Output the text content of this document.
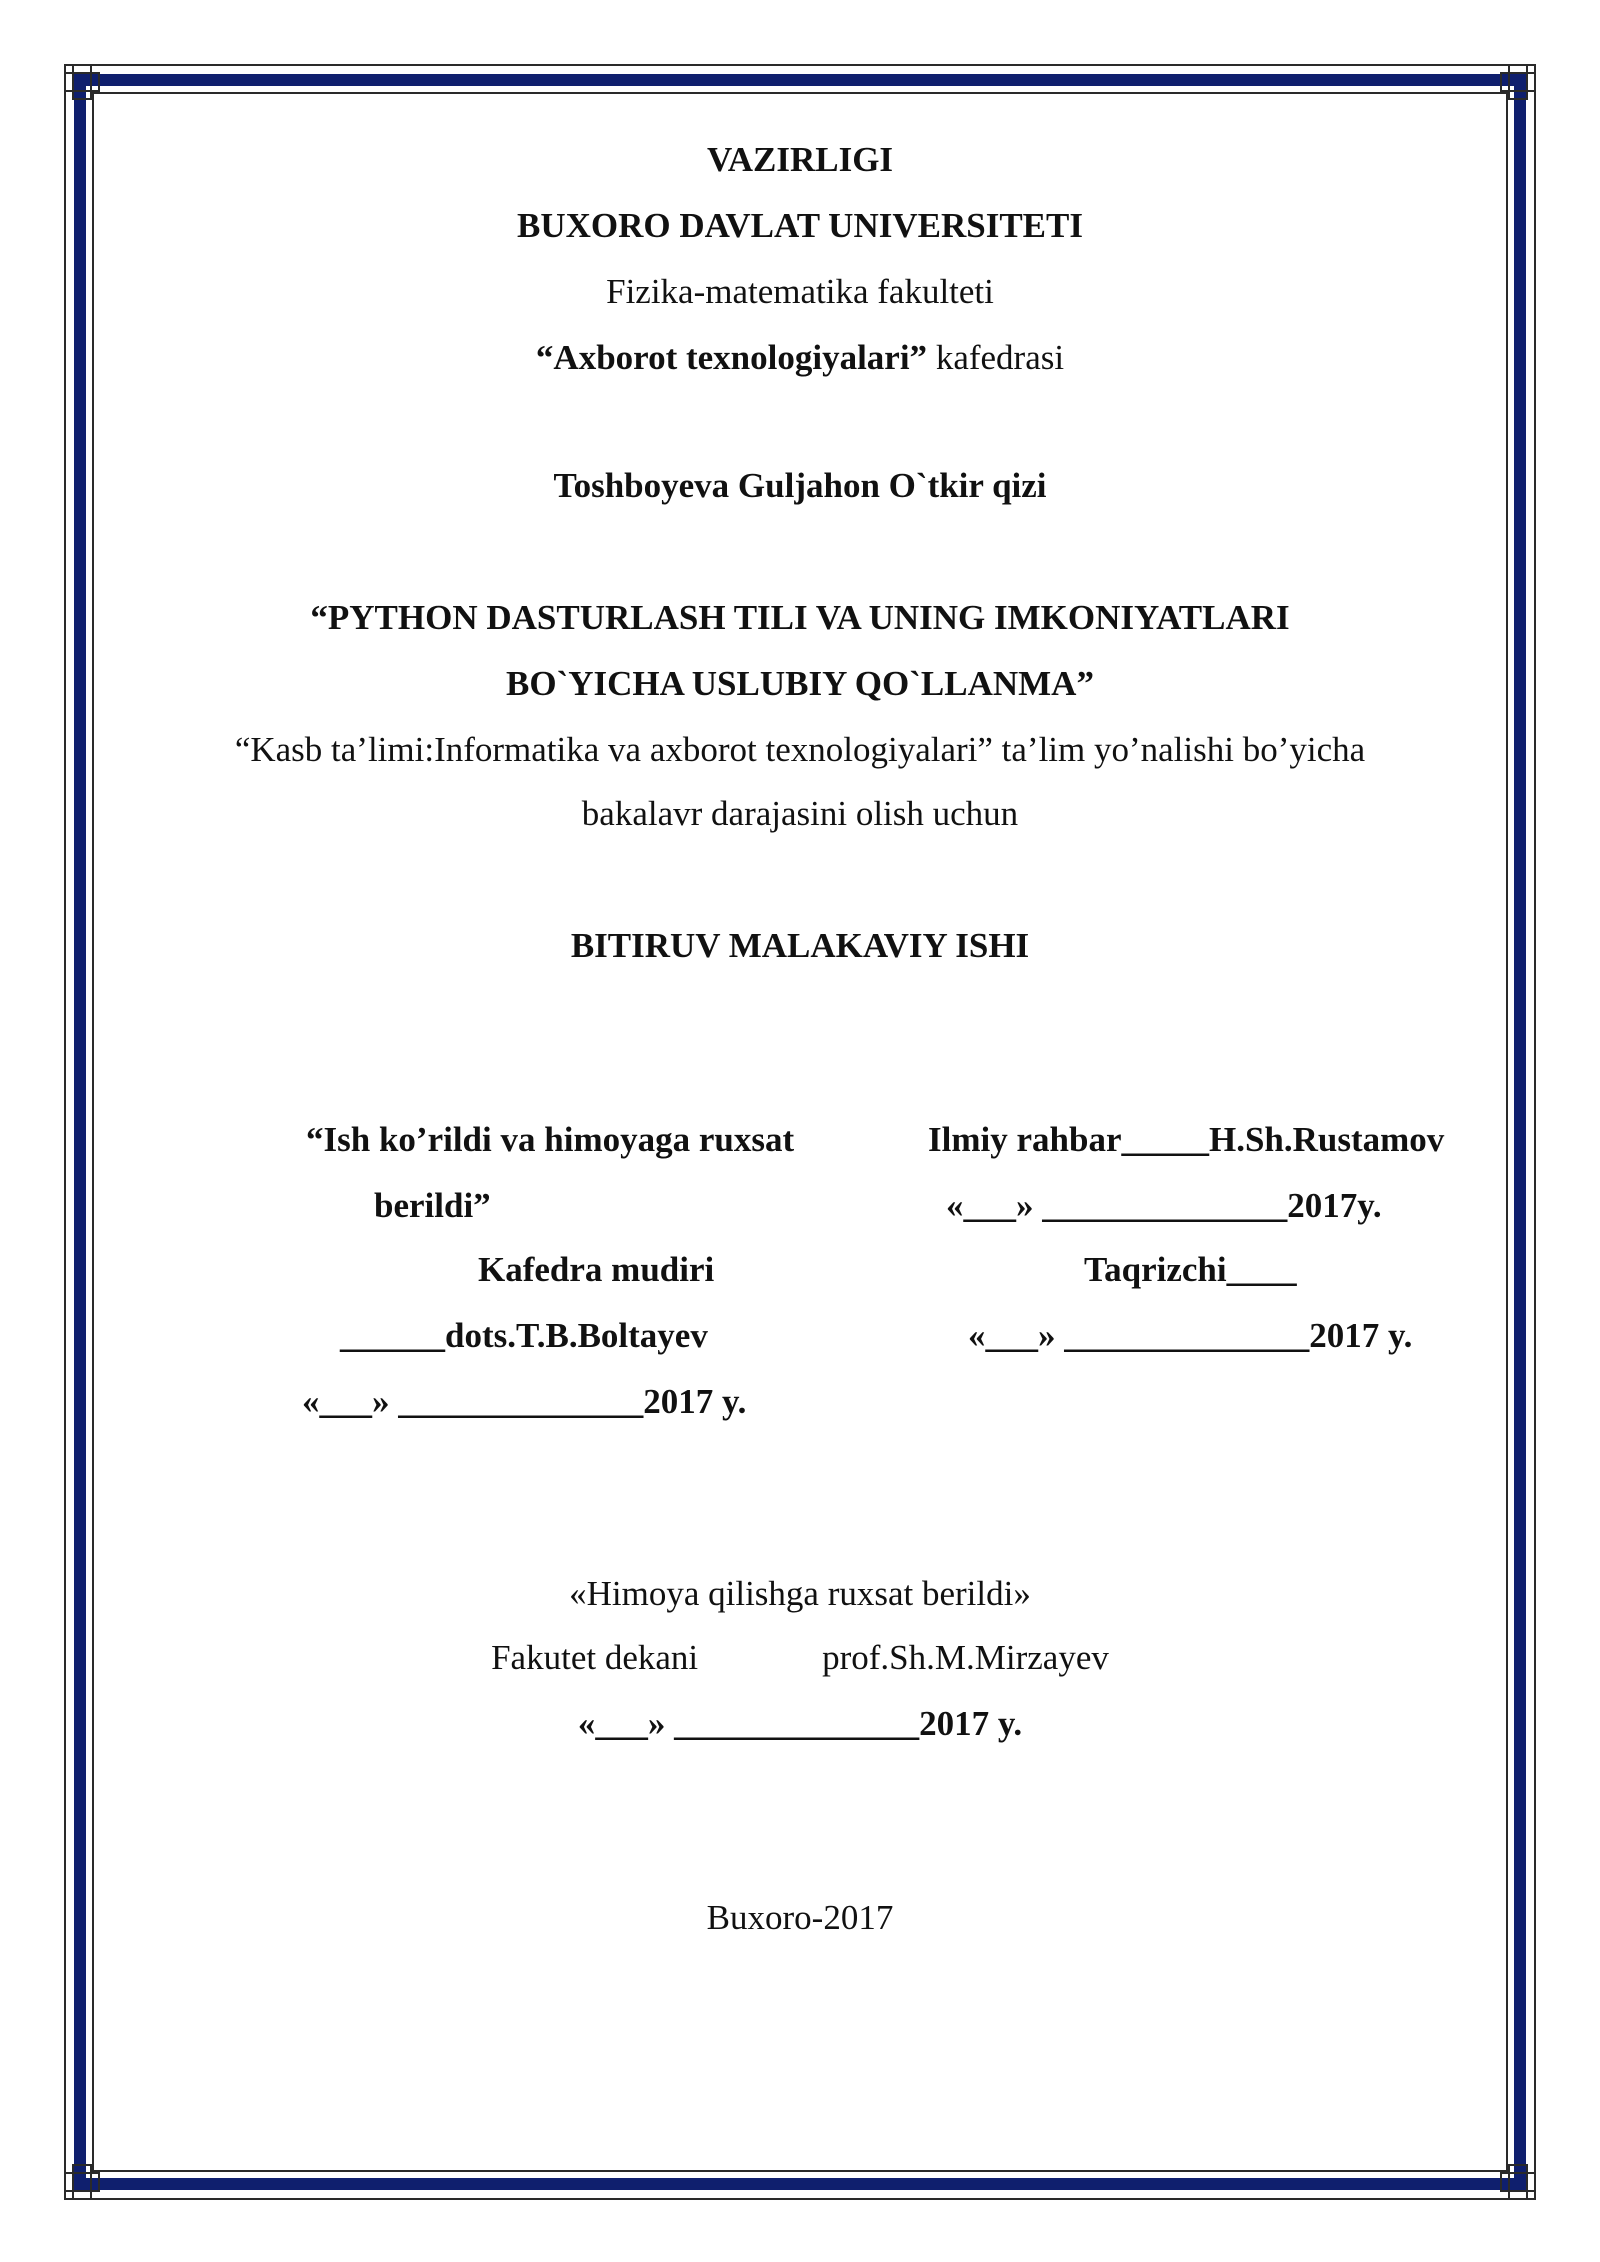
VAZIRLIGI
BUXORO DAVLAT UNIVERSITETI
Fizika-matematika fakulteti
“Axborot texnologiyalari” kafedrasi
Toshboyeva Guljahon O`tkir qizi
“PYTHON DASTURLASH TILI VA UNING IMKONIYATLARI
BO`YICHA USLUBIY QO`LLANMA”
“Kasb ta’limi:Informatika va axborot texnologiyalari” ta’lim yo’nalishi bo’yicha
bakalavr darajasini olish uchun
BITIRUV MALAKAVIY ISHI
“Ish ko’rildi va himoyaga ruxsat
berildi”
Kafedra mudiri
______dots.T.B.Boltayev
«___» ______________2017 y.
Ilmiy rahbar_____H.Sh.Rustamov
«___» ______________2017y.
Taqrizchi____
«___» ______________2017 y.
«Himoya qilishga ruxsat berildi»
Fakutet dekani	prof.Sh.M.Mirzayev
«___» ______________2017 y.
Buxoro-2017
